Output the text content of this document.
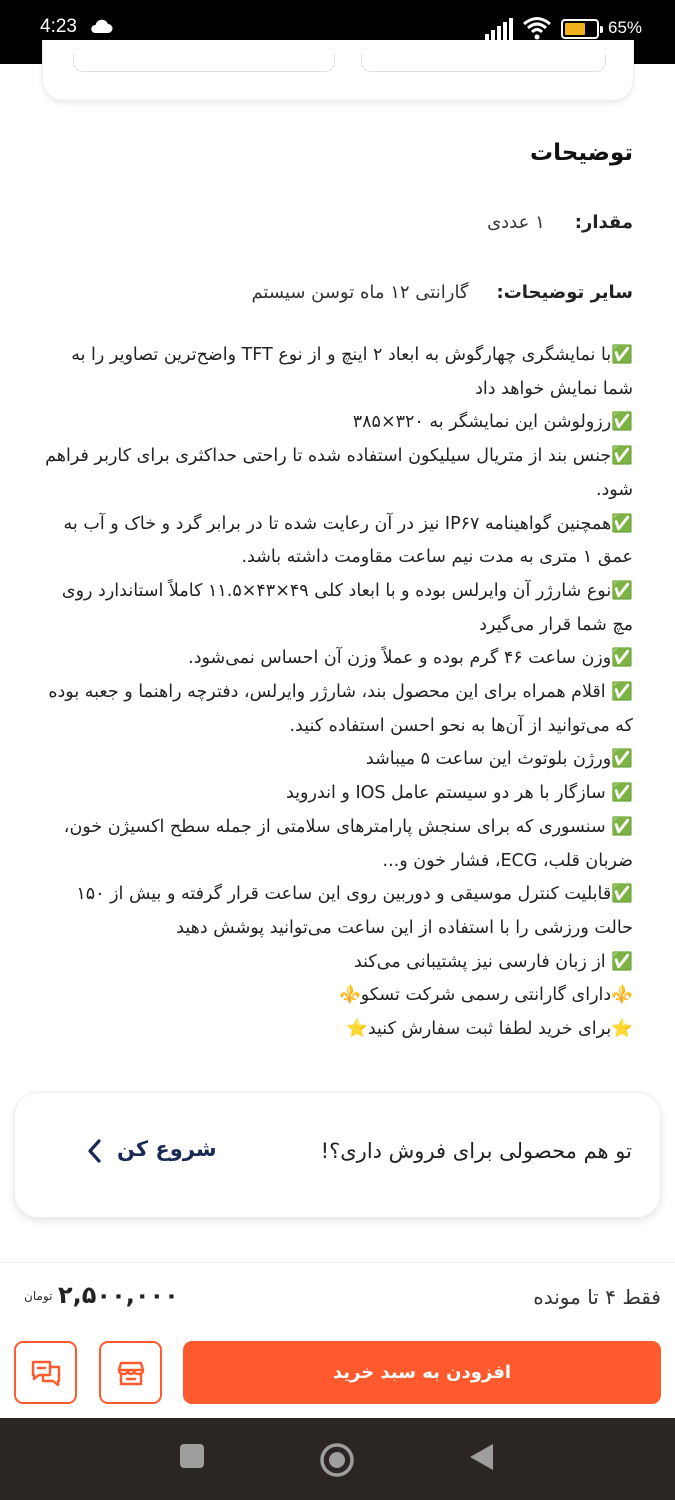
4:23	65%
توضیحات
مقدار:
۱ عددی
سایر توضیحات:
گارانتی ۱۲ ماه توسن سیستم

✅با نمایشگری چهارگوش به ابعاد ۲ اینچ و از نوع TFT واضح‌ترین تصاویر را به شما نمایش خواهد داد

✅رزولوشن این نمایشگر به ۳۲۰×۳۸۵

✅جنس بند از متریال سیلیکون استفاده شده تا راحتی حداکثری برای کاربر فراهم شود.

✅همچنین گواهینامه IP۶۷ نیز در آن رعایت شده تا در برابر گرد و خاک و آب به عمق ۱ متری به مدت نیم ساعت مقاومت داشته باشد.

✅نوع شارژر آن وایرلس بوده و با ابعاد کلی ۴۹×۴۳×۱۱.۵ کاملاً استاندارد روی مچ شما قرار می‌گیرد

✅وزن ساعت ۴۶ گرم بوده و عملاً وزن آن احساس نمی‌شود.

✅ اقلام همراه برای این محصول بند، شارژر وایرلس، دفترچه راهنما و جعبه بوده که می‌توانید از آن‌ها به نحو احسن استفاده کنید.

✅ورژن بلوتوث این ساعت ۵ میباشد

✅ سازگار با هر دو سیستم عامل IOS و اندروید

✅ سنسوری که برای سنجش پارامترهای سلامتی از جمله سطح اکسیژن خون، ضربان قلب، ECG، فشار خون و...

✅قابلیت کنترل موسیقی و دوربین روی این ساعت قرار گرفته و بیش از ۱۵۰ حالت ورزشی را با استفاده از این ساعت می‌توانید پوشش دهید

✅ از زبان فارسی نیز پشتیبانی می‌کند

⚜️دارای گارانتی رسمی شرکت تسکو⚜️

⭐برای خرید لطفا ثبت سفارش کنید⭐

تو هم محصولی برای فروش داری؟!
شروع کن
فقط ۴ تا مونده
۲,۵۰۰,۰۰۰
تومان
افزودن به سبد خرید
